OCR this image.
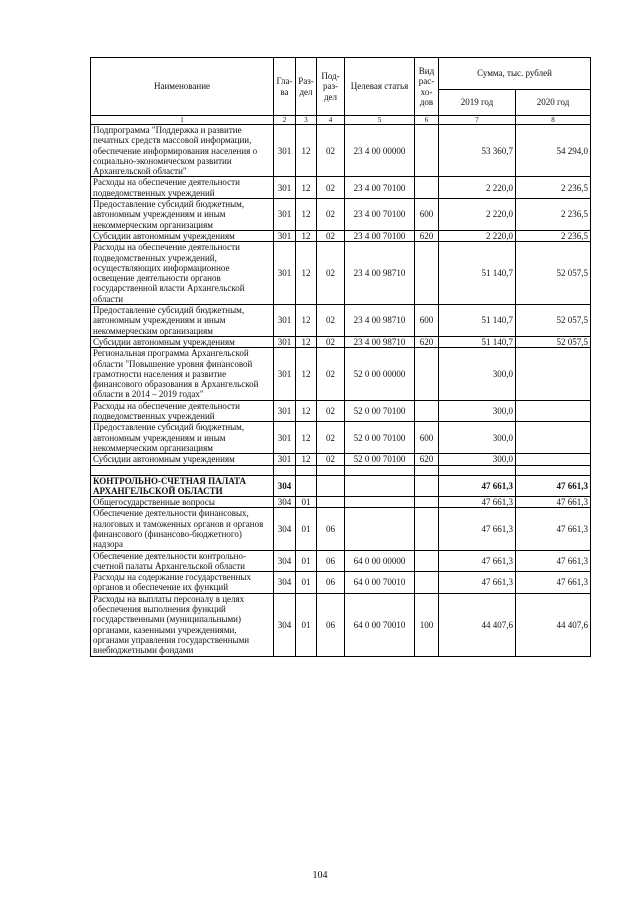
Наименование	Гла-ва	Раз-дел	Под-раз-дел	Целевая статья	Вид рас-хо-дов	Сумма, тыс. рублей	
						2019 год	2020 год
1	2	3	4	5	6	7	8
Подпрограмма "Поддержка и развитие печатных средств массовой информации, обеспечение информирования населения о социально-экономическом развитии Архангельской области"	301	12	02	23 4 00 00000		53 360,7	54 294,0
Расходы на обеспечение деятельности подведомственных учреждений	301	12	02	23 4 00 70100		2 220,0	2 236,5
Предоставление субсидий бюджетным, автономным учреждениям и иным некоммерческим организациям	301	12	02	23 4 00 70100	600	2 220,0	2 236,5
Субсидии автономным учреждениям	301	12	02	23 4 00 70100	620	2 220,0	2 236,5
Расходы на обеспечение деятельности подведомственных учреждений, осуществляющих информационное освещение деятельности органов государственной власти Архангельской области	301	12	02	23 4 00 98710		51 140,7	52 057,5
Предоставление субсидий бюджетным, автономным учреждениям и иным некоммерческим организациям	301	12	02	23 4 00 98710	600	51 140,7	52 057,5
Субсидии автономным учреждениям	301	12	02	23 4 00 98710	620	51 140,7	52 057,5
Региональная программа Архангельской области "Повышение уровня финансовой грамотности населения и развитие финансового образования в Архангельской области в 2014 – 2019 годах"	301	12	02	52 0 00 00000		300,0	
Расходы на обеспечение деятельности подведомственных учреждений	301	12	02	52 0 00 70100		300,0	
Предоставление субсидий бюджетным, автономным учреждениям и иным некоммерческим организациям	301	12	02	52 0 00 70100	600	300,0	
Субсидии автономным учреждениям	301	12	02	52 0 00 70100	620	300,0	

КОНТРОЛЬНО-СЧЕТНАЯ ПАЛАТА АРХАНГЕЛЬСКОЙ ОБЛАСТИ	304					47 661,3	47 661,3
Общегосударственные вопросы	304	01				47 661,3	47 661,3
Обеспечение деятельности финансовых, налоговых и таможенных органов и органов финансового (финансово-бюджетного) надзора	304	01	06			47 661,3	47 661,3
Обеспечение деятельности контрольно-счетной палаты Архангельской области	304	01	06	64 0 00 00000		47 661,3	47 661,3
Расходы на содержание государственных органов и обеспечение их функций	304	01	06	64 0 00 70010		47 661,3	47 661,3
Расходы на выплаты персоналу в целях обеспечения выполнения функций государственными (муниципальными) органами, казенными учреждениями, органами управления государственными внебюджетными фондами	304	01	06	64 0 00 70010	100	44 407,6	44 407,6
104
